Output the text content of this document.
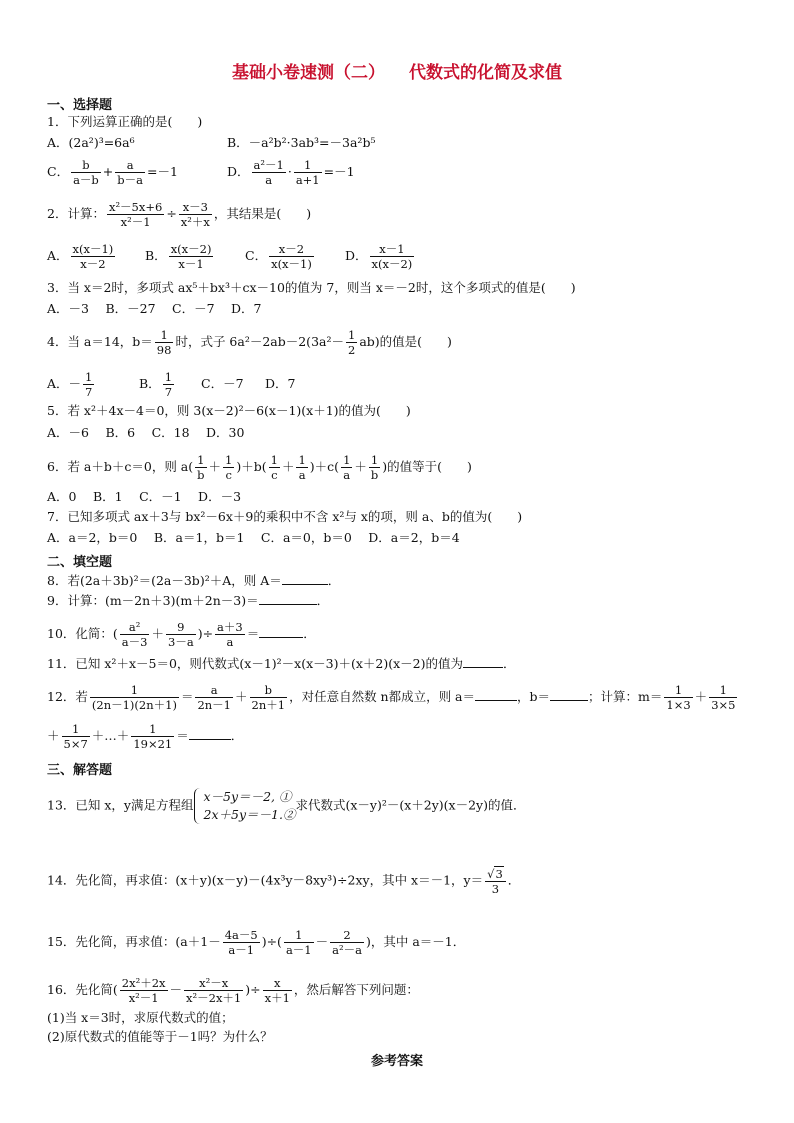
基础小卷速测（二） 代数式的化简及求值
一、选择题
1．下列运算正确的是(　　)
A．(2a²)³=6a⁶	B．－a²b²·3ab³=－3a²b⁵
C． $\frac{b}{a-b} + \frac{a}{b-a} =-1$	D． $\frac{\text{a²－1}}{a} \cdot \frac{1}{a+1} =-1$
2．计算： $\frac{\text{x²－5x+6}}{\text{x²－1}} \div \frac{x-3}{\text{x²＋x}}$ ，其结果是(　　)
A． $\frac{x(x-1)}{x-2}$ B． $\frac{x(x-2)}{x-1}$	C． $\frac{x-2}{x(x-1)}$ D． $\frac{x-1}{x(x-2)}$
3．当 x＝2时，多项式 ax⁵＋bx³＋cx－10的值为 7，则当 x＝－2时，这个多项式的值是(　　)
A．－3　 B．－27　 C．－7　 D．7
4．当 a＝14，$b= \frac{1}{98}$ 时，式子 $6a^2-2ab-2(3a^2- \frac{1}{2} ab)$的值是(　　)
A．－ $\frac{1}{7}$	B． $\frac{1}{7}$ C．－7 D．7
5．若 x²＋4x－4＝0，则 3(x－2)²－6(x－1)(x＋1)的值为(　　)
A．－6　 B．6　 C．18　 D．30
6．若 a＋b＋c＝0，则 $a( \frac{1}{b} + \frac{1}{c} )+b( \frac{1}{c} + \frac{1}{a} )+c( \frac{1}{a} + \frac{1}{b}$ )的值等于(　　)
A．0　 B．1　 C．－1　 D．－3
7．已知多项式 ax＋3与 bx²－6x＋9的乘积中不含 x²与 x的项，则 a、b的值为(　　)
A．a＝2，b＝0　 B．a＝1，b＝1　 C．a＝0，b＝0　 D．a＝2，b＝4
二、填空题
8．若(2a＋3b)²＝(2a－3b)²＋A，则 A＝	．
9．计算：(m－2n＋3)(m＋2n－3)＝	．
10．化简：( $\frac{\text{a²}}{a-3} + \frac{9}{3-a}$ )÷ $\frac{a+3}{a}$ ＝	．
11．已知 x²＋x－5＝0，则代数式(x－1)²－x(x－3)＋(x＋2)(x－2)的值为	．
12．若 $\frac{1}{(2n-1)(2n+1)} = \frac{a}{2n-1} + \frac{b}{2n+1}$ ，对任意自然数 n都成立，则 a＝	，b＝	；计算：$m= \frac{1}{1\times 3} + \frac{1}{3\times 5}$
＋ $\frac{1}{5\times 7}$ ＋…＋ $\frac{1}{19\times 21}$ ＝	．
三、解答题
13．已知 x，y满足方程组
x－5y＝－2, ①
2x＋5y＝－1.②
求代数式(x－y)²－(x＋2y)(x－2y)的值．
14．先化简，再求值：(x＋y)(x－y)－(4x³y－8xy³)÷2xy，其中 x＝－1，$y= \frac{√3}{3}$ ．
15．先化简，再求值：($a+1- \frac{4a-5}{a-1}$ )÷( $\frac{1}{a-1} - \frac{2}{\text{a²－a}}$ )，其中 a＝－1．
16．先化简( $\frac{\text{2x²＋2x}}{\text{x²－1}} - \frac{\text{x²－x}}{\text{x²－2x＋1}}$ )÷ $\frac{x}{x+1}$ ，然后解答下列问题：
(1)当 x＝3时，求原代数式的值；
(2)原代数式的值能等于－1吗？为什么？
参考答案
